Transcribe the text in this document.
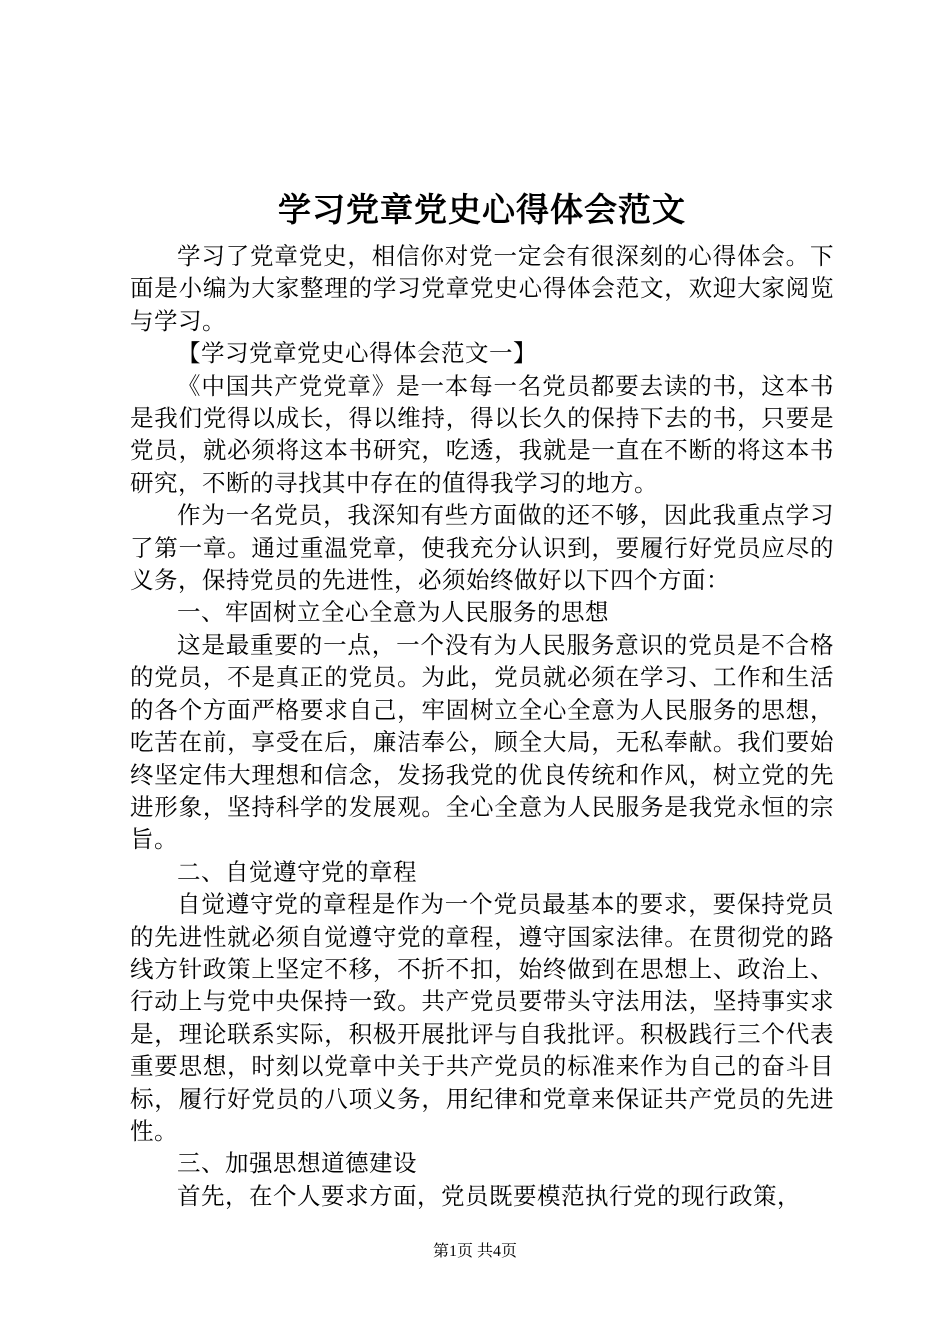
学习党章党史心得体会范文

学习了党章党史，相信你对党一定会有很深刻的心得体会。下面是小编为大家整理的学习党章党史心得体会范文，欢迎大家阅览与学习。

【学习党章党史心得体会范文一】

《中国共产党党章》是一本每一名党员都要去读的书，这本书是我们党得以成长，得以维持，得以长久的保持下去的书，只要是党员，就必须将这本书研究，吃透，我就是一直在不断的将这本书研究，不断的寻找其中存在的值得我学习的地方。

作为一名党员，我深知有些方面做的还不够，因此我重点学习了第一章。通过重温党章，使我充分认识到，要履行好党员应尽的义务，保持党员的先进性，必须始终做好以下四个方面：

一、牢固树立全心全意为人民服务的思想

这是最重要的一点，一个没有为人民服务意识的党员是不合格的党员，不是真正的党员。为此，党员就必须在学习、工作和生活的各个方面严格要求自己，牢固树立全心全意为人民服务的思想，吃苦在前，享受在后，廉洁奉公，顾全大局，无私奉献。我们要始终坚定伟大理想和信念，发扬我党的优良传统和作风，树立党的先进形象，坚持科学的发展观。全心全意为人民服务是我党永恒的宗旨。

二、自觉遵守党的章程

自觉遵守党的章程是作为一个党员最基本的要求，要保持党员的先进性就必须自觉遵守党的章程，遵守国家法律。在贯彻党的路线方针政策上坚定不移，不折不扣，始终做到在思想上、政治上、行动上与党中央保持一致。共产党员要带头守法用法，坚持事实求是，理论联系实际，积极开展批评与自我批评。积极践行三个代表重要思想，时刻以党章中关于共产党员的标准来作为自己的奋斗目标，履行好党员的八项义务，用纪律和党章来保证共产党员的先进性。

三、加强思想道德建设

首先，在个人要求方面，党员既要模范执行党的现行政策，

第1页 共4页
